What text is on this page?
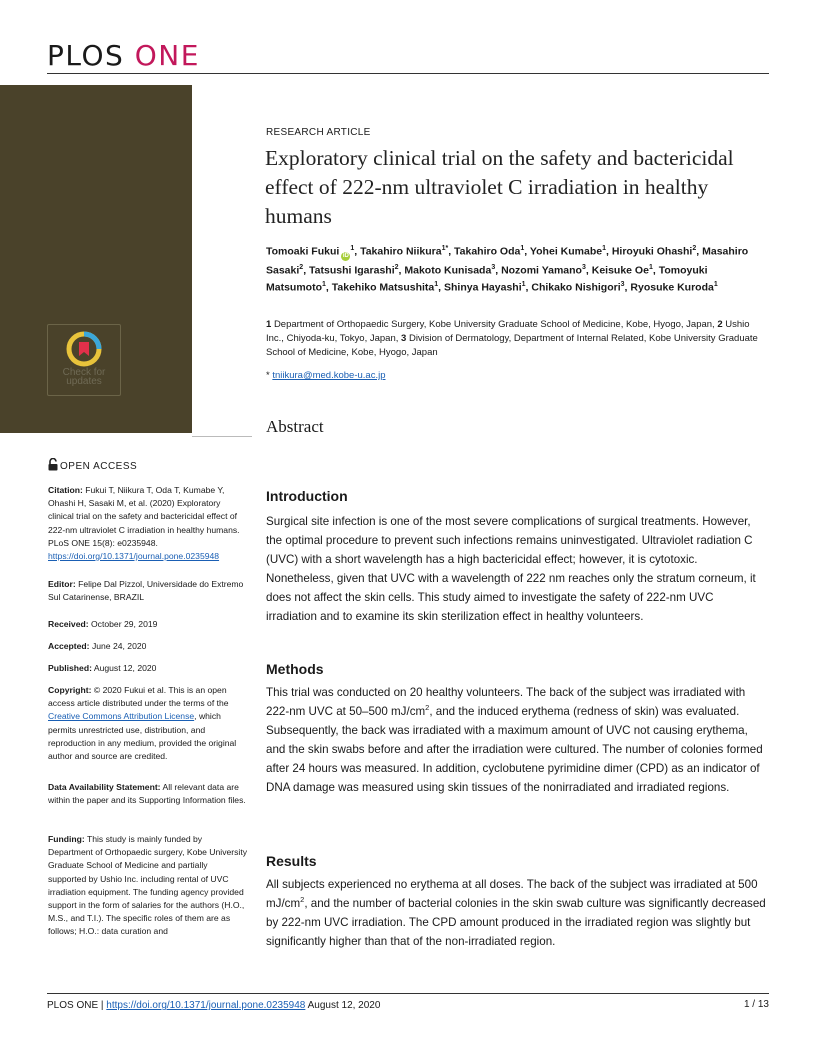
PLOS ONE
Check for
updates
RESEARCH ARTICLE
Exploratory clinical trial on the safety and bactericidal effect of 222-nm ultraviolet C irradiation in healthy humans
Tomoaki Fukui $iD^1$, Takahiro Niikura$^{1*}$, Takahiro Oda$^1$, Yohei Kumabe$^1$, Hiroyuki Ohashi$^2$, Masahiro Sasaki$^2$, Tatsushi Igarashi$^2$, Makoto Kunisada$^3$, Nozomi Yamano$^3$, Keisuke Oe$^1$, Tomoyuki Matsumoto$^1$, Takehiko Matsushita$^1$, Shinya Hayashi$^1$, Chikako Nishigori$^3$, Ryosuke Kuroda$^1$
1 Department of Orthopaedic Surgery, Kobe University Graduate School of Medicine, Kobe, Hyogo, Japan, 2 Ushio Inc., Chiyoda-ku, Tokyo, Japan, 3 Division of Dermatology, Department of Internal Related, Kobe University Graduate School of Medicine, Kobe, Hyogo, Japan
* tniikura@med.kobe-u.ac.jp
Abstract
Introduction
Surgical site infection is one of the most severe complications of surgical treatments. However, the optimal procedure to prevent such infections remains uninvestigated. Ultraviolet radiation C (UVC) with a short wavelength has a high bactericidal effect; however, it is cytotoxic. Nonetheless, given that UVC with a wavelength of 222 nm reaches only the stratum corneum, it does not affect the skin cells. This study aimed to investigate the safety of 222-nm UVC irradiation and to examine its skin sterilization effect in healthy volunteers.
Methods
This trial was conducted on 20 healthy volunteers. The back of the subject was irradiated with 222-nm UVC at 50–500 $mJ/cm^2$, and the induced erythema (redness of skin) was evaluated. Subsequently, the back was irradiated with a maximum amount of UVC not causing erythema, and the skin swabs before and after the irradiation were cultured. The number of colonies formed after 24 hours was measured. In addition, cyclobutene pyrimidine dimer (CPD) as an indicator of DNA damage was measured using skin tissues of the nonirradiated and irradiated regions.
Results
All subjects experienced no erythema at all doses. The back of the subject was irradiated at 500 $mJ/cm^2$, and the number of bacterial colonies in the skin swab culture was significantly decreased by 222-nm UVC irradiation. The CPD amount produced in the irradiated region was slightly but significantly higher than that of the non-irradiated region.
OPEN ACCESS
Citation: Fukui T, Niikura T, Oda T, Kumabe Y, Ohashi H, Sasaki M, et al. (2020) Exploratory clinical trial on the safety and bactericidal effect of 222-nm ultraviolet C irradiation in healthy humans. PLoS ONE 15(8): e0235948. https://doi.org/10.1371/journal.pone.0235948
Editor: Felipe Dal Pizzol, Universidade do Extremo Sul Catarinense, BRAZIL
Received: October 29, 2019
Accepted: June 24, 2020
Published: August 12, 2020
Copyright: © 2020 Fukui et al. This is an open access article distributed under the terms of the Creative Commons Attribution License, which permits unrestricted use, distribution, and reproduction in any medium, provided the original author and source are credited.
Data Availability Statement: All relevant data are within the paper and its Supporting Information files.
Funding: This study is mainly funded by Department of Orthopaedic surgery, Kobe University Graduate School of Medicine and partially supported by Ushio Inc. including rental of UVC irradiation equipment. The funding agency provided support in the form of salaries for the authors (H.O., M.S., and T.I.). The specific roles of them are as follows; H.O.: data curation and
PLOS ONE | https://doi.org/10.1371/journal.pone.0235948 August 12, 2020	1 / 13
